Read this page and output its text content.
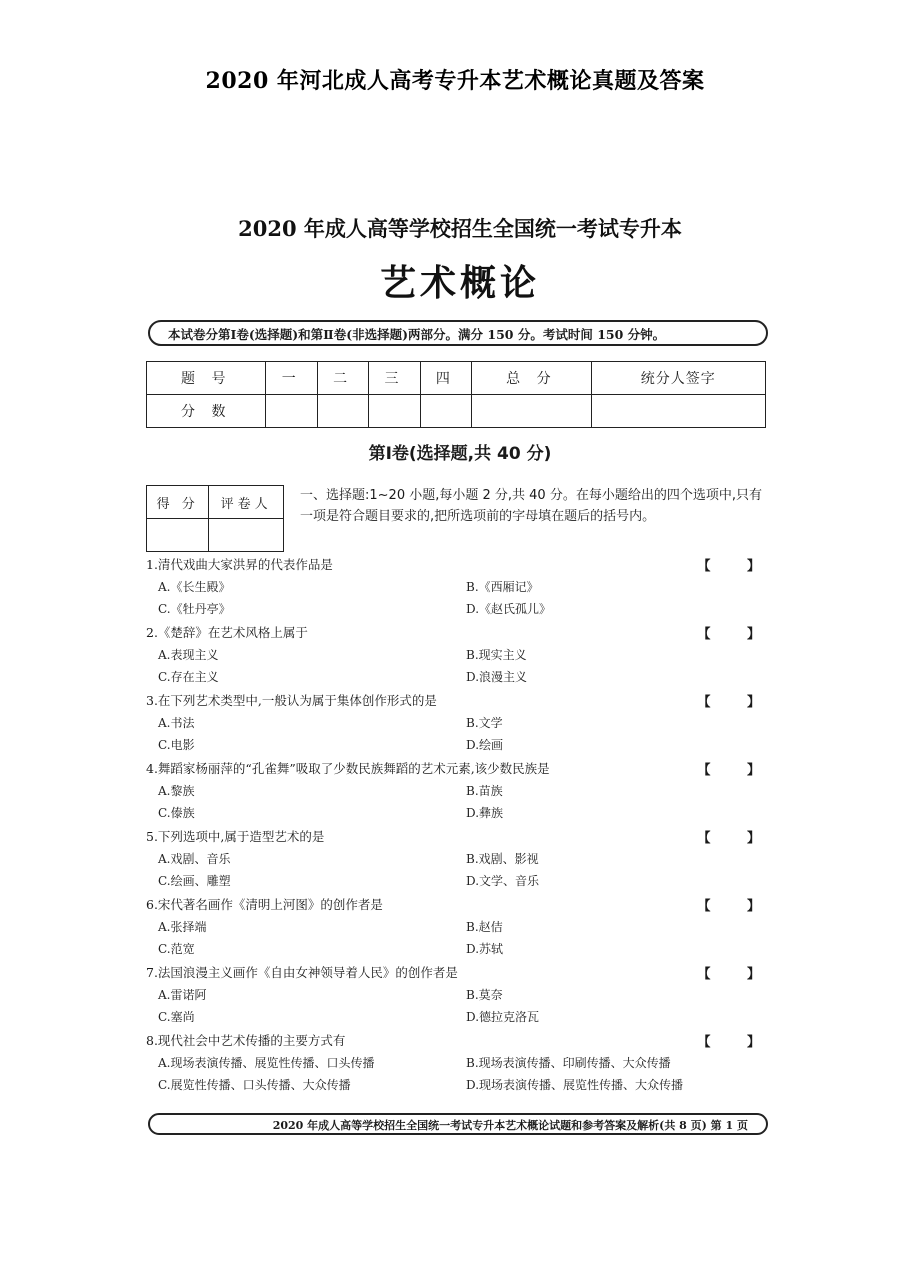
2020 年河北成人高考专升本艺术概论真题及答案
2020 年成人高等学校招生全国统一考试专升本
艺术概论
本试卷分第Ⅰ卷(选择题)和第Ⅱ卷(非选择题)两部分。满分 150 分。考试时间 150 分钟。
题 号	一	二	三	四	总 分	统分人签字
分 数						
第Ⅰ卷(选择题,共 40 分)
得 分	评卷人

一、选择题:1~20 小题,每小题 2 分,共 40 分。在每小题给出的四个选项中,只有一项是符合题目要求的,把所选项前的字母填在题后的括号内。
1.清代戏曲大家洪昇的代表作品是	【 】
A.《长生殿》	B.《西厢记》
C.《牡丹亭》	D.《赵氏孤儿》
2.《楚辞》在艺术风格上属于	【 】
A.表现主义	B.现实主义
C.存在主义	D.浪漫主义
3.在下列艺术类型中,一般认为属于集体创作形式的是	【 】
A.书法	B.文学
C.电影	D.绘画
4.舞蹈家杨丽萍的“孔雀舞”吸取了少数民族舞蹈的艺术元素,该少数民族是	【 】
A.黎族	B.苗族
C.傣族	D.彝族
5.下列选项中,属于造型艺术的是	【 】
A.戏剧、音乐	B.戏剧、影视
C.绘画、雕塑	D.文学、音乐
6.宋代著名画作《清明上河图》的创作者是	【 】
A.张择端	B.赵佶
C.范宽	D.苏轼
7.法国浪漫主义画作《自由女神领导着人民》的创作者是	【 】
A.雷诺阿	B.莫奈
C.塞尚	D.德拉克洛瓦
8.现代社会中艺术传播的主要方式有	【 】
A.现场表演传播、展览性传播、口头传播	B.现场表演传播、印刷传播、大众传播
C.展览性传播、口头传播、大众传播	D.现场表演传播、展览性传播、大众传播
2020 年成人高等学校招生全国统一考试专升本艺术概论试题和参考答案及解析(共 8 页) 第 1 页
